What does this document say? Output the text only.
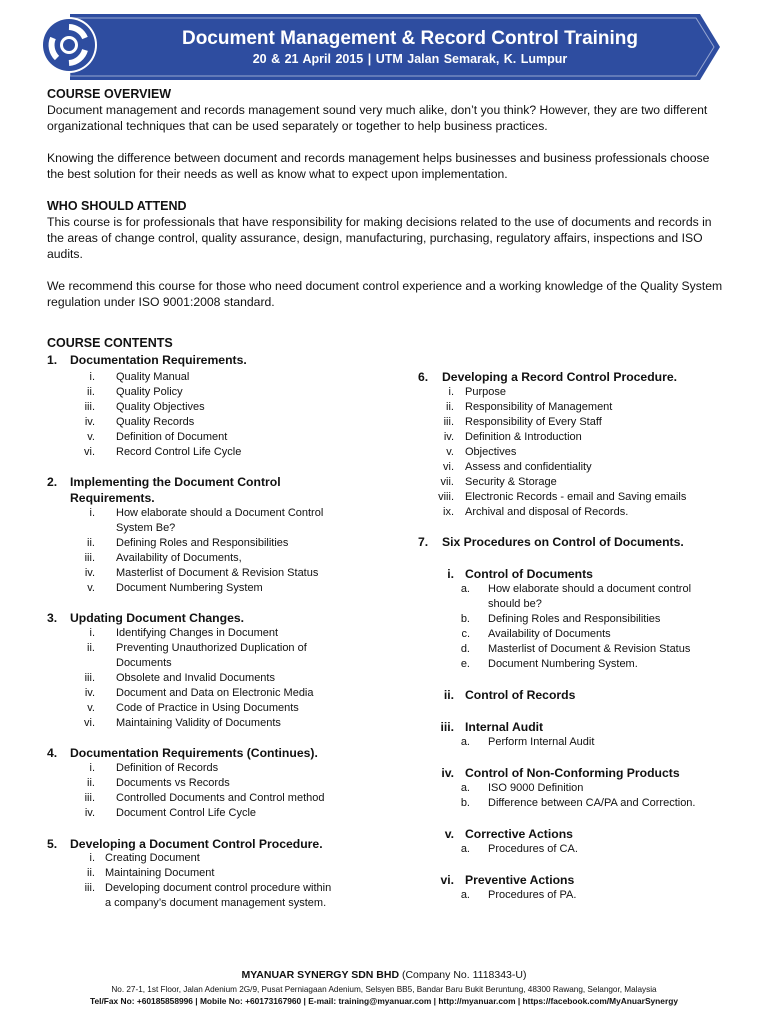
Document Management & Record Control Training
20 & 21 April 2015 | UTM Jalan Semarak, K. Lumpur
COURSE OVERVIEW

Document management and records management sound very much alike, don’t you think? However, they are two different organizational techniques that can be used separately or together to help business practices.

Knowing the difference between document and records management helps businesses and business professionals choose the best solution for their needs as well as know what to expect upon implementation.

WHO SHOULD ATTEND

This course is for professionals that have responsibility for making decisions related to the use of documents and records in the areas of change control, quality assurance, design, manufacturing, purchasing, regulatory affairs, inspections and ISO audits.

We recommend this course for those who need document control experience and a working knowledge of the Quality System regulation under ISO 9001:2008 standard.

COURSE CONTENTS
1. Documentation Requirements.
i. Quality Manual
ii. Quality Policy
iii. Quality Objectives
iv. Quality Records
v. Definition of Document
vi. Record Control Life Cycle
2. Implementing the Document Control
Requirements.
i. How elaborate should a Document Control
System Be?
ii. Defining Roles and Responsibilities
iii. Availability of Documents,
iv. Masterlist of Document & Revision Status
v. Document Numbering System
3. Updating Document Changes.
i. Identifying Changes in Document
ii. Preventing Unauthorized Duplication of
Documents
iii. Obsolete and Invalid Documents
iv. Document and Data on Electronic Media
v. Code of Practice in Using Documents
vi. Maintaining Validity of Documents
4. Documentation Requirements (Continues).
i. Definition of Records
ii. Documents vs Records
iii. Controlled Documents and Control method
iv. Document Control Life Cycle
5. Developing a Document Control Procedure.
i. Creating Document
ii. Maintaining Document
iii. Developing document control procedure within
a company’s document management system.
6. Developing a Record Control Procedure.
i. Purpose
ii. Responsibility of Management
iii. Responsibility of Every Staff
iv. Definition & Introduction
v. Objectives
vi. Assess and confidentiality
vii. Security & Storage
viii. Electronic Records - email and Saving emails
ix. Archival and disposal of Records.
7. Six Procedures on Control of Documents.
i. Control of Documents
a. How elaborate should a document control
should be?
b. Defining Roles and Responsibilities
c. Availability of Documents
d. Masterlist of Document & Revision Status
e. Document Numbering System.
ii. Control of Records
iii. Internal Audit
a. Perform Internal Audit
iv. Control of Non-Conforming Products
a. ISO 9000 Definition
b. Difference between CA/PA and Correction.
v. Corrective Actions
a. Procedures of CA.
vi. Preventive Actions
a. Procedures of PA.
MYANUAR SYNERGY SDN BHD (Company No. 1118343-U)
No. 27-1, 1st Floor, Jalan Adenium 2G/9, Pusat Perniagaan Adenium, Selsyen BB5, Bandar Baru Bukit Beruntung, 48300 Rawang, Selangor, Malaysia
Tel/Fax No: +60185858996 | Mobile No: +60173167960 | E-mail: training@myanuar.com | http://myanuar.com | https://facebook.com/MyAnuarSynergy
